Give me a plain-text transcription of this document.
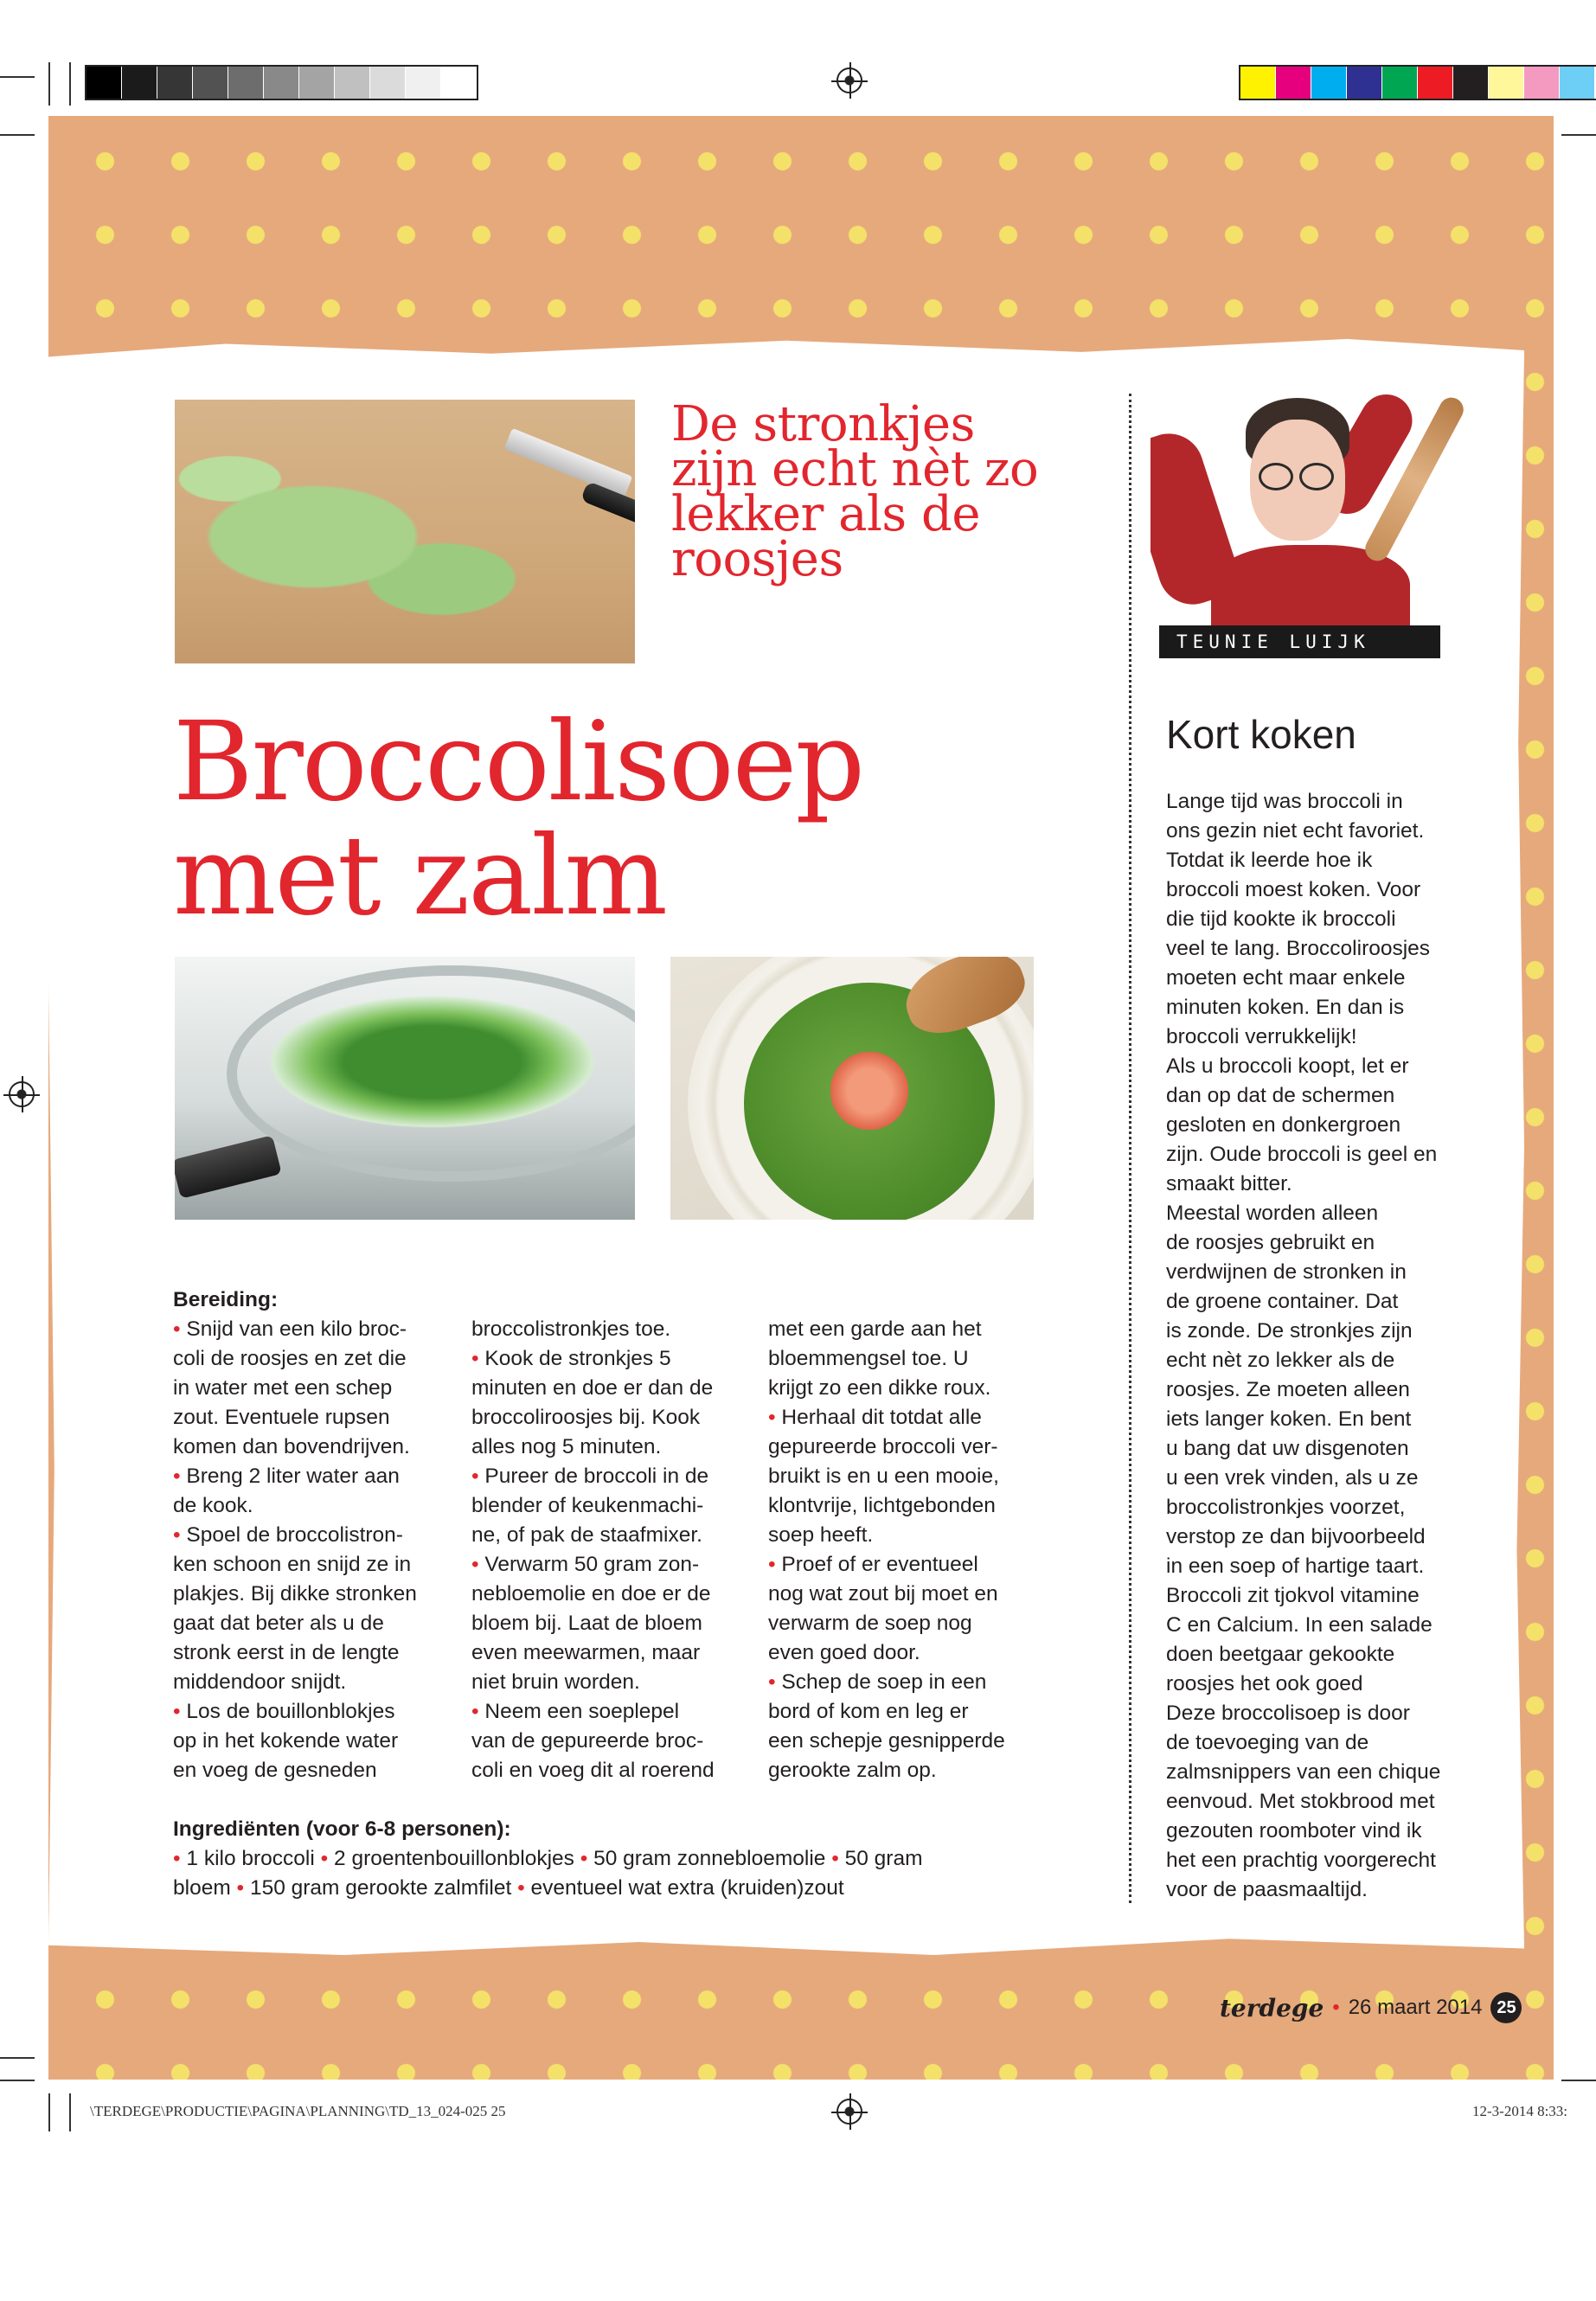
TEUNIE LUIJK
De stronkjes
zijn echt nèt zo
lekker als de
roosjes
Broccolisoep
met zalm
Bereiding:
• Snijd van een kilo broc-
coli de roosjes en zet die
in water met een schep
zout. Eventuele rupsen
komen dan bovendrijven.
• Breng 2 liter water aan
de kook.
• Spoel de broccolistron-
ken schoon en snijd ze in
plakjes. Bij dikke stronken
gaat dat beter als u de
stronk eerst in de lengte
middendoor snijdt.
• Los de bouillonblokjes
op in het kokende water
en voeg de gesneden
broccolistronkjes toe.
• Kook de stronkjes 5
minuten en doe er dan de
broccoliroosjes bij. Kook
alles nog 5 minuten.
• Pureer de broccoli in de
blender of keukenmachi-
ne, of pak de staafmixer.
• Verwarm 50 gram zon-
nebloemolie en doe er de
bloem bij. Laat de bloem
even meewarmen, maar
niet bruin worden.
• Neem een soeplepel
van de gepureerde broc-
coli en voeg dit al roerend
met een garde aan het
bloemmengsel toe. U
krijgt zo een dikke roux.
• Herhaal dit totdat alle
gepureerde broccoli ver-
bruikt is en u een mooie,
klontvrije, lichtgebonden
soep heeft.
• Proef of er eventueel
nog wat zout bij moet en
verwarm de soep nog
even goed door.
• Schep de soep in een
bord of kom en leg er
een schepje gesnipperde
gerookte zalm op.
Ingrediënten (voor 6-8 personen):
• 1 kilo broccoli • 2 groentenbouillonblokjes • 50 gram zonnebloemolie • 50 gram
bloem • 150 gram gerookte zalmfilet • eventueel wat extra (kruiden)zout
Kort koken
Lange tijd was broccoli in
ons gezin niet echt favoriet.
Totdat ik leerde hoe ik
broccoli moest koken. Voor
die tijd kookte ik broccoli
veel te lang. Broccoliroosjes
moeten echt maar enkele
minuten koken. En dan is
broccoli verrukkelijk!
Als u broccoli koopt, let er
dan op dat de schermen
gesloten en donkergroen
zijn. Oude broccoli is geel en
smaakt bitter.
Meestal worden alleen
de roosjes gebruikt en
verdwijnen de stronken in
de groene container. Dat
is zonde. De stronkjes zijn
echt nèt zo lekker als de
roosjes. Ze moeten alleen
iets langer koken. En bent
u bang dat uw disgenoten
u een vrek vinden, als u ze
broccolistronkjes voorzet,
verstop ze dan bijvoorbeeld
in een soep of hartige taart.
Broccoli zit tjokvol vitamine
C en Calcium. In een salade
doen beetgaar gekookte
roosjes het ook goed
Deze broccolisoep is door
de toevoeging van de
zalmsnippers van een chique
eenvoud. Met stokbrood met
gezouten roomboter vind ik
het een prachtig voorgerecht
voor de paasmaaltijd.
terdege • 26 maart 2014 25
\TERDEGE\PRODUCTIE\PAGINA\PLANNING\TD_13_024-025 25	12-3-2014 8:33:
